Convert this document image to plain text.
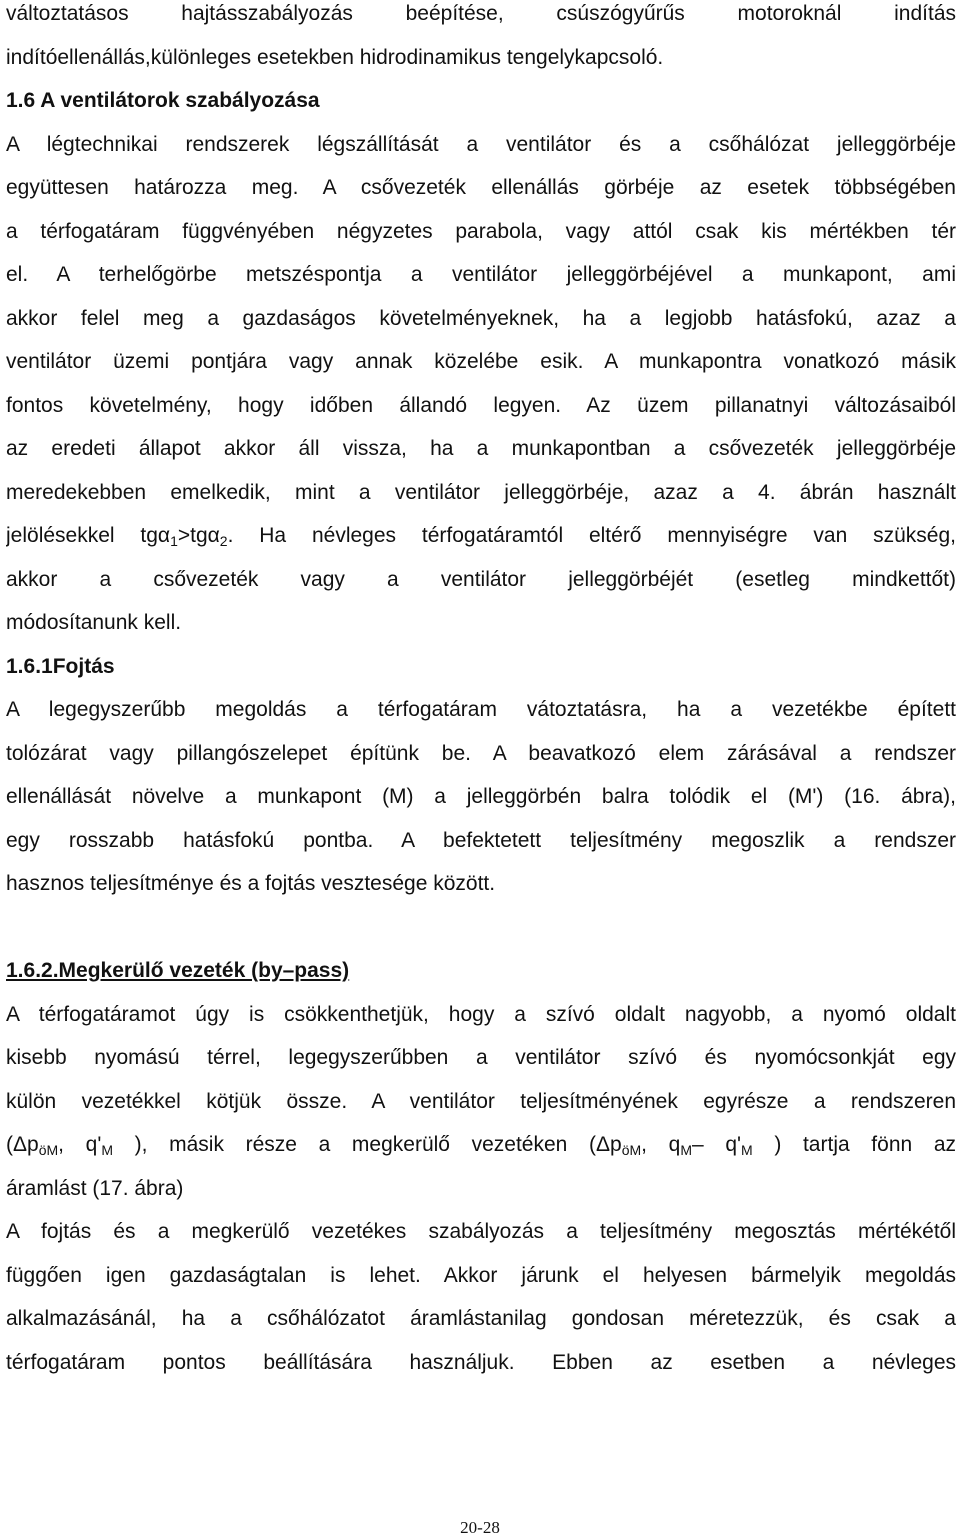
változtatásos hajtásszabályozás beépítése, csúszógyűrűs motoroknál indítás
indítóellenállás,különleges esetekben hidrodinamikus tengelykapcsoló.
1.6 A ventilátorok szabályozása
A légtechnikai rendszerek légszállítását a ventilátor és a csőhálózat jelleggörbéje
együttesen határozza meg. A csővezeték ellenállás görbéje az esetek többségében
a térfogatáram függvényében négyzetes parabola, vagy attól csak kis mértékben tér
el. A terhelőgörbe metszéspontja a ventilátor jelleggörbéjével a munkapont, ami
akkor felel meg a gazdaságos követelményeknek, ha a legjobb hatásfokú, azaz a
ventilátor üzemi pontjára vagy annak közelébe esik. A munkapontra vonatkozó másik
fontos követelmény, hogy időben állandó legyen. Az üzem pillanatnyi változásaiból
az eredeti állapot akkor áll vissza, ha a munkapontban a csővezeték jelleggörbéje
meredekebben emelkedik, mint a ventilátor jelleggörbéje, azaz a 4. ábrán használt
jelölésekkel tgα$_1$>tgα$_2$. Ha névleges térfogatáramtól eltérő mennyiségre van szükség,
akkor a csővezeték vagy a ventilátor jelleggörbéjét (esetleg mindkettőt)
módosítanunk kell.
1.6.1Fojtás
A legegyszerűbb megoldás a térfogatáram vátoztatásra, ha a vezetékbe épített
tolózárat vagy pillangószelepet építünk be. A beavatkozó elem zárásával a rendszer
ellenállását növelve a munkapont (M) a jelleggörbén balra tolódik el (M') (16. ábra),
egy rosszabb hatásfokú pontba. A befektetett teljesítmény megoszlik a rendszer
hasznos teljesítménye és a fojtás vesztesége között.
1.6.2.Megkerülő vezeték (by–pass)
A térfogatáramot úgy is csökkenthetjük, hogy a szívó oldalt nagyobb, a nyomó oldalt
kisebb nyomású térrel, legegyszerűbben a ventilátor szívó és nyomócsonkját egy
külön vezetékkel kötjük össze. A ventilátor teljesítményének egyrésze a rendszeren
($\Delta p_{öM}$, $q'_M$ ), másik része a megkerülő vezetéken ($\Delta p_{öM}$, $q_M-$ $q'_M$ ) tartja fönn az
áramlást (17. ábra)
A fojtás és a megkerülő vezetékes szabályozás a teljesítmény megosztás mértékétől
függően igen gazdaságtalan is lehet. Akkor járunk el helyesen bármelyik megoldás
alkalmazásánál, ha a csőhálózatot áramlástanilag gondosan méretezzük, és csak a
térfogatáram pontos beállítására használjuk. Ebben az esetben a névleges
20-28
